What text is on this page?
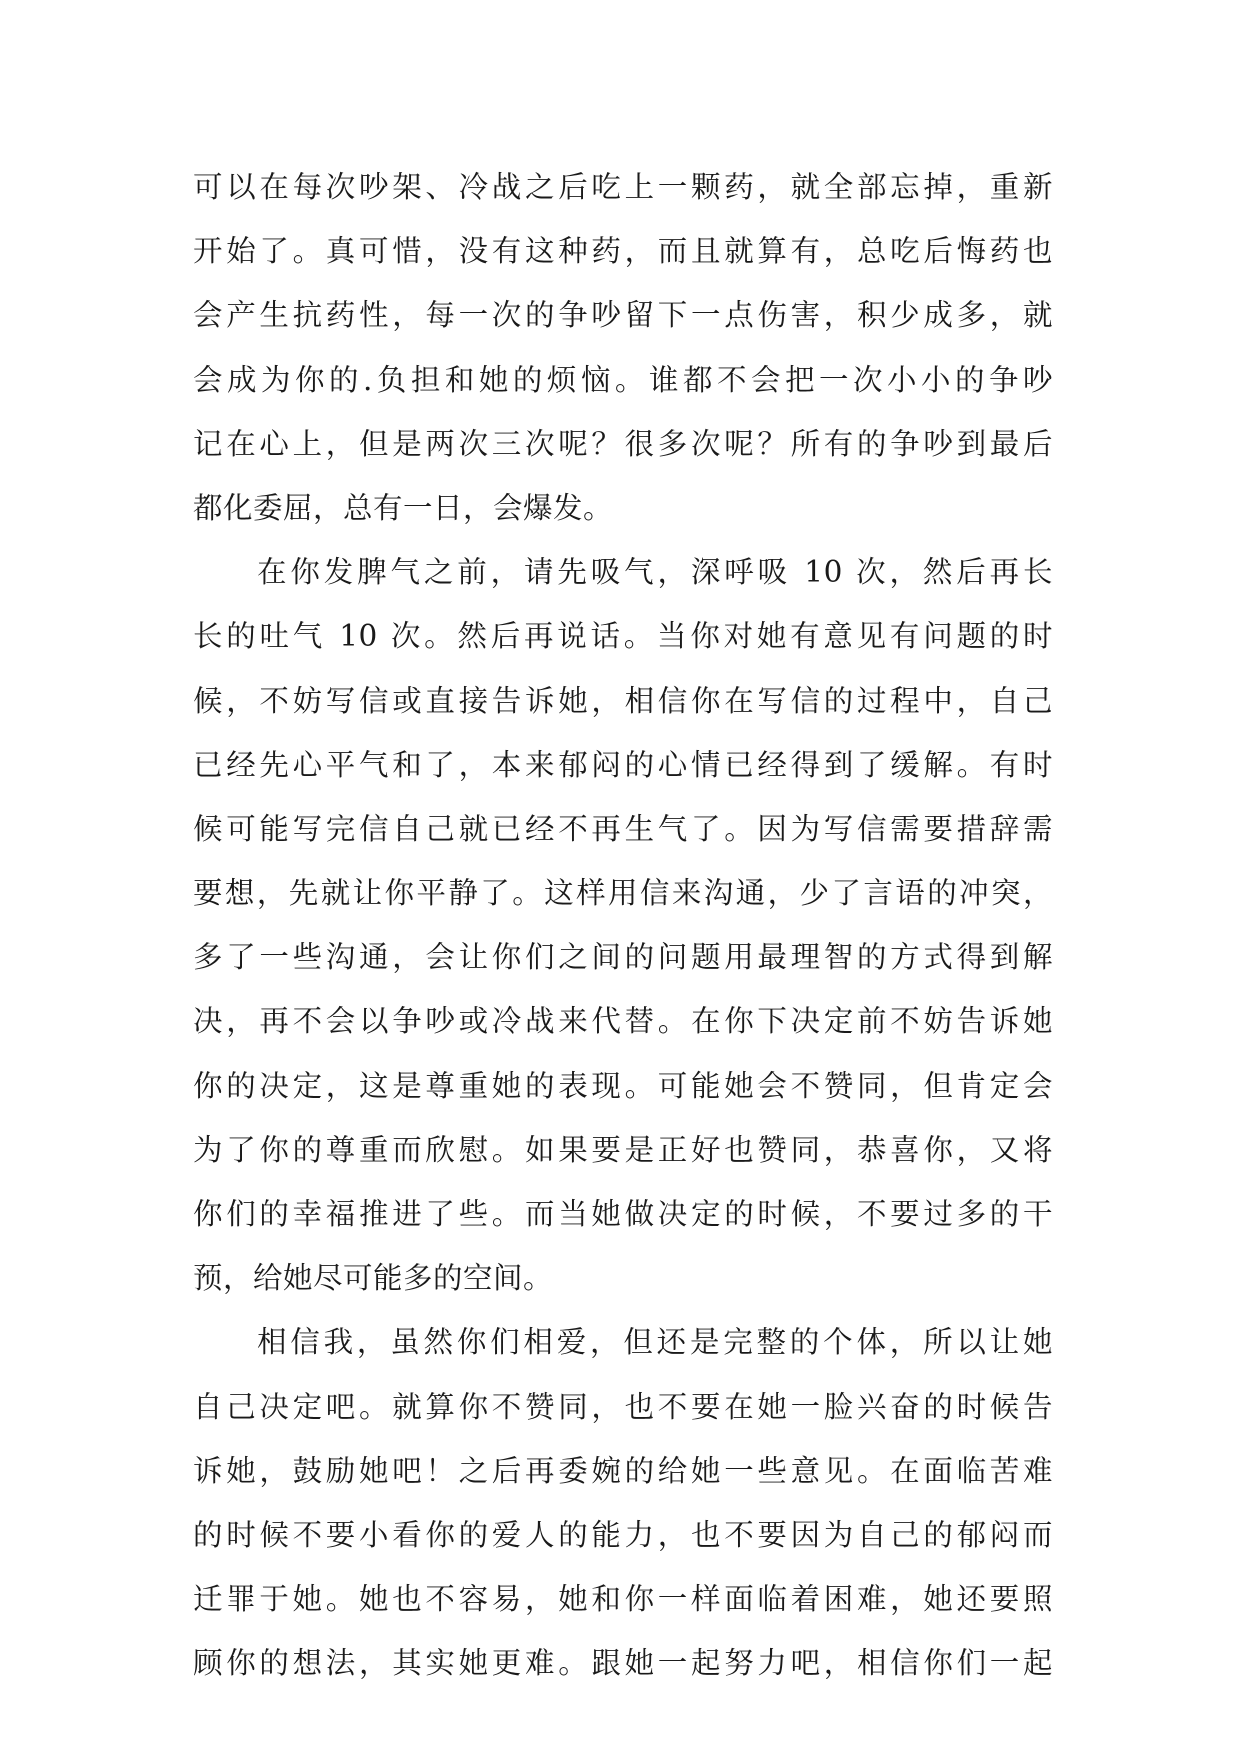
可以在每次吵架、冷战之后吃上一颗药，就全部忘掉，重新
开始了。真可惜，没有这种药，而且就算有，总吃后悔药也
会产生抗药性，每一次的争吵留下一点伤害，积少成多，就
会成为你的.负担和她的烦恼。谁都不会把一次小小的争吵
记在心上，但是两次三次呢？很多次呢？所有的争吵到最后
都化委屈，总有一日，会爆发。
在你发脾气之前，请先吸气，深呼吸 10 次，然后再长
长的吐气 10 次。然后再说话。当你对她有意见有问题的时
候，不妨写信或直接告诉她，相信你在写信的过程中，自己
已经先心平气和了，本来郁闷的心情已经得到了缓解。有时
候可能写完信自己就已经不再生气了。因为写信需要措辞需
要想，先就让你平静了。这样用信来沟通，少了言语的冲突，
多了一些沟通，会让你们之间的问题用最理智的方式得到解
决，再不会以争吵或冷战来代替。在你下决定前不妨告诉她
你的决定，这是尊重她的表现。可能她会不赞同，但肯定会
为了你的尊重而欣慰。如果要是正好也赞同，恭喜你，又将
你们的幸福推进了些。而当她做决定的时候，不要过多的干
预，给她尽可能多的空间。
相信我，虽然你们相爱，但还是完整的个体，所以让她
自己决定吧。就算你不赞同，也不要在她一脸兴奋的时候告
诉她，鼓励她吧！之后再委婉的给她一些意见。在面临苦难
的时候不要小看你的爱人的能力，也不要因为自己的郁闷而
迁罪于她。她也不容易，她和你一样面临着困难，她还要照
顾你的想法，其实她更难。跟她一起努力吧，相信你们一起
